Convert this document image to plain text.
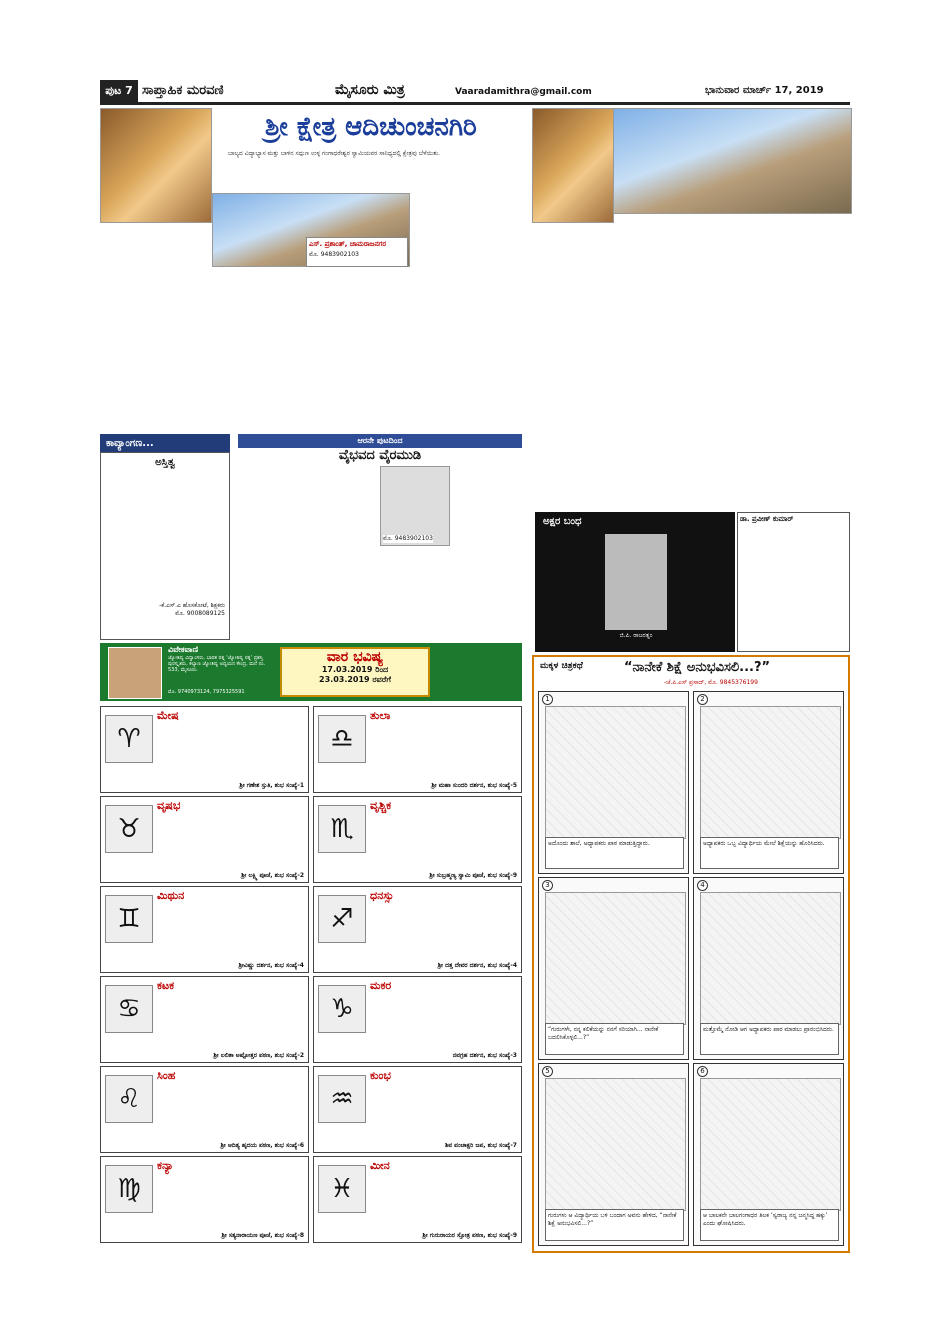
ಪುಟ 7 ಸಾಪ್ತಾಹಿಕ ಮರವಣಿ	ಮೈಸೂರು ಮಿತ್ರ	Vaaradamithra@gmail.com	ಭಾನುವಾರ ಮಾರ್ಚ್ 17, 2019
ಶ್ರೀ ಕ್ಷೇತ್ರ ಆದಿಚುಂಚನಗಿರಿ
ಬಾಲ್ಯದ ವಿದ್ಯಾಭ್ಯಾಸ ಮತ್ತು ಬಾಳಿನ ಸದ್ಗುಣ ಉಳ್ಳ ಗಂಗಾಧರೇಶ್ವರ ಸ್ವಾಮಿಯವರ ಸಾನಿಧ್ಯದಲ್ಲಿ ಕ್ಷೇತ್ರವು ಬೆಳೆಯಿತು.
ಎಸ್. ಪ್ರಶಾಂತ್, ಚಾಮರಾಜನಗರ
ಮೊ. 9483902103
ಕಾವ್ಯಾಂಗಣ...
ಅಸ್ತಿತ್ವ
-ಕೆ.ಎಸ್.ಎ ಹೊಸಕೋಟೆ, ಶಿಕ್ಷಕರು
ಮೊ. 9008089125
ಆರನೇ ಪುಟದಿಂದ
ವೈಭವದ ವೈರಮುಡಿ
ಮೊ. 9483902103
ಅಕ್ಷರ ಬಂಧ
ಜಿ.ಪಿ. ರಾಜರತ್ನಂ
ಡಾ. ಪ್ರವೀಣ್ ಕುಮಾರ್
ವಿವೇಕವಾಣಿ
ಜ್ಯೋತಿಷ್ಯ ವಿದ್ವಾಂಸರು, ಭಾರತ ರತ್ನ 'ಜ್ಯೋತಿಷ್ಯ ರತ್ನ' ಪ್ರಶಸ್ತಿ ಪುರಸ್ಕೃತರು, ಕಲ್ಯಾಣ ಜ್ಯೋತಿಷ್ಯ ಅಧ್ಯಯನ ಕೇಂದ್ರ, ಮನೆ ನಂ. 533, ಮೈಸೂರು.
ಮೊ. 9740973124, 7975325591
ವಾರ ಭವಿಷ್ಯ
17.03.2019 ರಿಂದ
23.03.2019 ರವರೆಗೆ
♈
ಮೇಷ
ಶ್ರೀ ಗಣೇಶ ಸ್ತುತಿ, ಶುಭ ಸಂಖ್ಯೆ-1
♉
ವೃಷಭ
ಶ್ರೀ ಲಕ್ಷ್ಮಿ ಪೂಜೆ, ಶುಭ ಸಂಖ್ಯೆ-2
♊
ಮಿಥುನ
ಶ್ರೀವಿಷ್ಣು ದರ್ಶನ, ಶುಭ ಸಂಖ್ಯೆ-4
♋
ಕಟಕ
ಶ್ರೀ ಲಲಿತಾ ಅಷ್ಟೋತ್ತರ ಪಠಣ, ಶುಭ ಸಂಖ್ಯೆ-2
♌
ಸಿಂಹ
ಶ್ರೀ ಆದಿತ್ಯ ಹೃದಯ ಪಠಣ, ಶುಭ ಸಂಖ್ಯೆ-6
♍
ಕನ್ಯಾ
ಶ್ರೀ ಸತ್ಯನಾರಾಯಣ ಪೂಜೆ, ಶುಭ ಸಂಖ್ಯೆ-8
♎
ತುಲಾ
ಶ್ರೀ ಮಹಾ ಸುಂದರಿ ದರ್ಶನ, ಶುಭ ಸಂಖ್ಯೆ-5
♏
ವೃಶ್ಚಿಕ
ಶ್ರೀ ಸುಬ್ರಹ್ಮಣ್ಯ ಸ್ವಾಮಿ ಪೂಜೆ, ಶುಭ ಸಂಖ್ಯೆ-9
♐
ಧನಸ್ಸು
ಶ್ರೀ ದತ್ತ ದೇವರ ದರ್ಶನ, ಶುಭ ಸಂಖ್ಯೆ-4
♑
ಮಕರ
ನವಗ್ರಹ ದರ್ಶನ, ಶುಭ ಸಂಖ್ಯೆ-3
♒
ಕುಂಭ
ಶಿವ ಪಂಚಾಕ್ಷರಿ ಜಪ, ಶುಭ ಸಂಖ್ಯೆ-7
♓
ಮೀನ
ಶ್ರೀ ಗುರುರಾಯರ ಸ್ತೋತ್ರ ಪಠಣ, ಶುಭ ಸಂಖ್ಯೆ-9
ಮಕ್ಕಳ ಚಿತ್ರಕಥೆ	“ನಾನೇಕೆ ಶಿಕ್ಷೆ ಅನುಭವಿಸಲಿ...?”
-ಜೆ.ಪಿ.ಎಸ್ ಪ್ರಸಾದ್, ಮೊ. 9845376199
1
ಅದೊಂದು ಶಾಲೆ, ಅಧ್ಯಾಪಕರು ಪಾಠ ಮಾಡುತ್ತಿದ್ದಾರು.
2
ಅಧ್ಯಾಪಕರು ಒಬ್ಬ ವಿದ್ಯಾರ್ಥಿಯ ಮೇಲೆ ಶಿಕ್ಷೆಯನ್ನು ಹೊರಿಸಿದರು.
3
“ಗುರುಗಳೇ, ನನ್ನ ಕಲಿಕೆಯನ್ನು ನನಗೆ ಸರಿಯಾಗಿ... ನಾನೇಕೆ ಬದಲಿಸಿಕೊಳ್ಳಲಿ...?”
4
ಮತ್ತೊಮ್ಮೆ ನೋಡಿ ಆಗ ಅಧ್ಯಾಪಕರು ಪಾಠ ಮಾಡಲು ಪ್ರಾರಂಭಿಸಿದರು.
5
ಗುರುಗಳು ಆ ವಿದ್ಯಾರ್ಥಿಯ ಬಳಿ ಬಂದಾಗ ಅವನು ಹೇಳಿದ, “ನಾನೇಕೆ ಶಿಕ್ಷೆ ಅನುಭವಿಸಲಿ...?”
6
ಆ ಬಾಲಕನೇ ಬಾಲಗಂಗಾಧರ ತಿಲಕ ‘ಸ್ವರಾಜ್ಯ ನನ್ನ ಜನ್ಮಸಿದ್ಧ ಹಕ್ಕು’ ಎಂದು ಘೋಷಿಸಿದರು.
